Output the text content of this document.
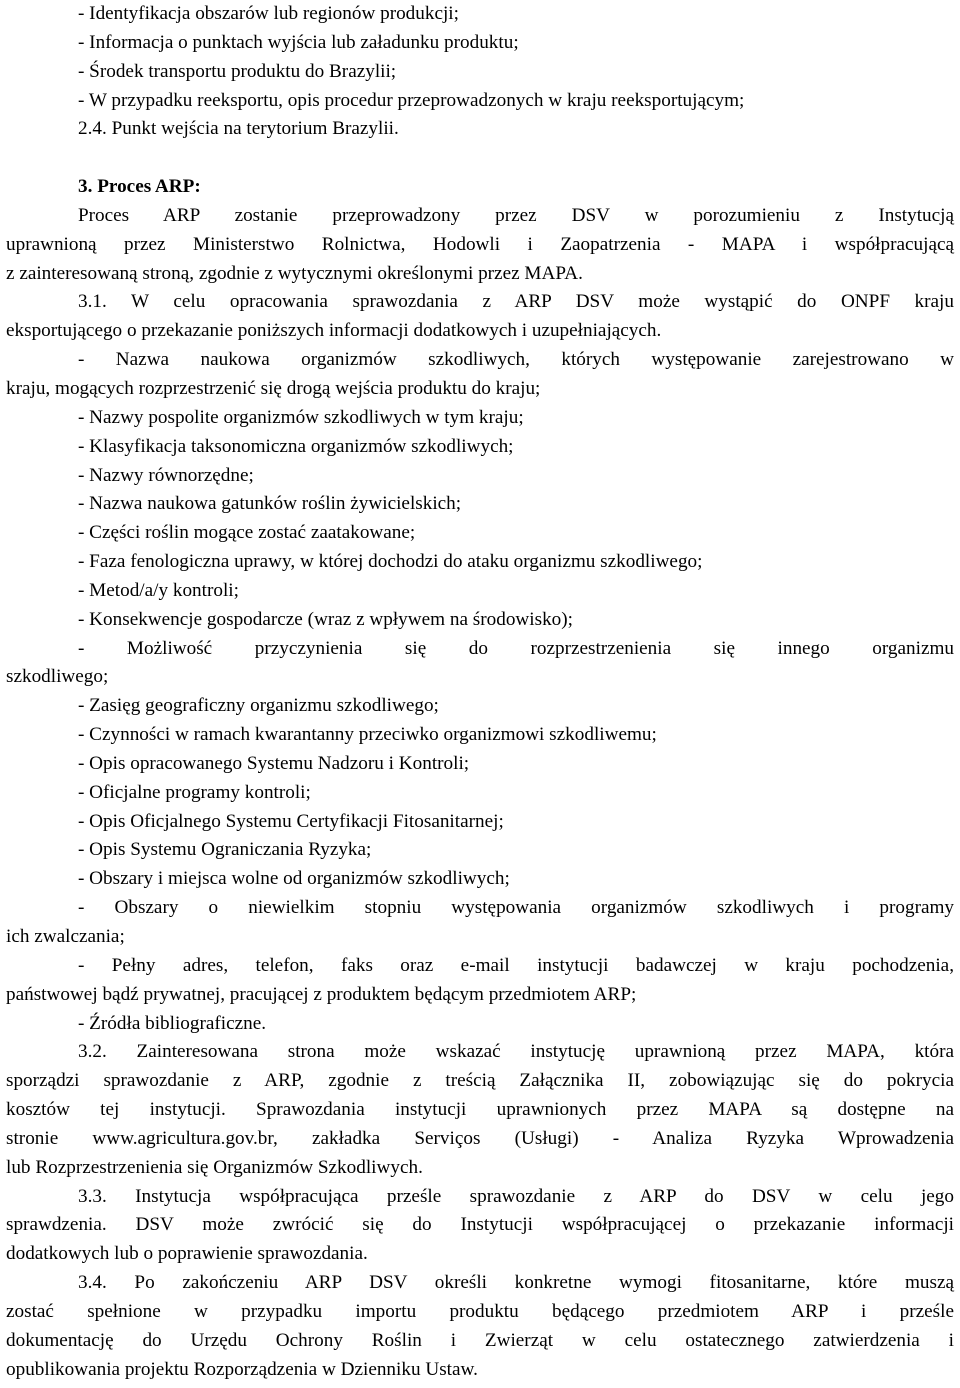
- Identyfikacja obszarów lub regionów produkcji;
- Informacja o punktach wyjścia lub załadunku produktu;
- Środek transportu produktu do Brazylii;
- W przypadku reeksportu, opis procedur przeprowadzonych w kraju reeksportującym;
2.4. Punkt wejścia na terytorium Brazylii.
3. Proces ARP:
Proces ARP zostanie przeprowadzony przez DSV w porozumieniu z Instytucją
uprawnioną przez Ministerstwo Rolnictwa, Hodowli i Zaopatrzenia - MAPA i współpracującą
z zainteresowaną stroną, zgodnie z wytycznymi określonymi przez MAPA.
3.1. W celu opracowania sprawozdania z ARP DSV może wystąpić do ONPF kraju
eksportującego o przekazanie poniższych informacji dodatkowych i uzupełniających.
- Nazwa naukowa organizmów szkodliwych, których występowanie zarejestrowano w
kraju, mogących rozprzestrzenić się drogą wejścia produktu do kraju;
- Nazwy pospolite organizmów szkodliwych w tym kraju;
- Klasyfikacja taksonomiczna organizmów szkodliwych;
- Nazwy równorzędne;
- Nazwa naukowa gatunków roślin żywicielskich;
- Części roślin mogące zostać zaatakowane;
- Faza fenologiczna uprawy, w której dochodzi do ataku organizmu szkodliwego;
- Metod/a/y kontroli;
- Konsekwencje gospodarcze (wraz z wpływem na środowisko);
- Możliwość przyczynienia się do rozprzestrzenienia się innego organizmu
szkodliwego;
- Zasięg geograficzny organizmu szkodliwego;
- Czynności w ramach kwarantanny przeciwko organizmowi szkodliwemu;
- Opis opracowanego Systemu Nadzoru i Kontroli;
- Oficjalne programy kontroli;
- Opis Oficjalnego Systemu Certyfikacji Fitosanitarnej;
- Opis Systemu Ograniczania Ryzyka;
- Obszary i miejsca wolne od organizmów szkodliwych;
- Obszary o niewielkim stopniu występowania organizmów szkodliwych i programy
ich zwalczania;
- Pełny adres, telefon, faks oraz e-mail instytucji badawczej w kraju pochodzenia,
państwowej bądź prywatnej, pracującej z produktem będącym przedmiotem ARP;
- Źródła bibliograficzne.
3.2. Zainteresowana strona może wskazać instytucję uprawnioną przez MAPA, która
sporządzi sprawozdanie z ARP, zgodnie z treścią Załącznika II, zobowiązując się do pokrycia
kosztów tej instytucji. Sprawozdania instytucji uprawnionych przez MAPA są dostępne na
stronie www.agricultura.gov.br, zakładka Serviços (Usługi) - Analiza Ryzyka Wprowadzenia
lub Rozprzestrzenienia się Organizmów Szkodliwych.
3.3. Instytucja współpracująca prześle sprawozdanie z ARP do DSV w celu jego
sprawdzenia. DSV może zwrócić się do Instytucji współpracującej o przekazanie informacji
dodatkowych lub o poprawienie sprawozdania.
3.4. Po zakończeniu ARP DSV określi konkretne wymogi fitosanitarne, które muszą
zostać spełnione w przypadku importu produktu będącego przedmiotem ARP i prześle
dokumentację do Urzędu Ochrony Roślin i Zwierząt w celu ostatecznego zatwierdzenia i
opublikowania projektu Rozporządzenia w Dzienniku Ustaw.
